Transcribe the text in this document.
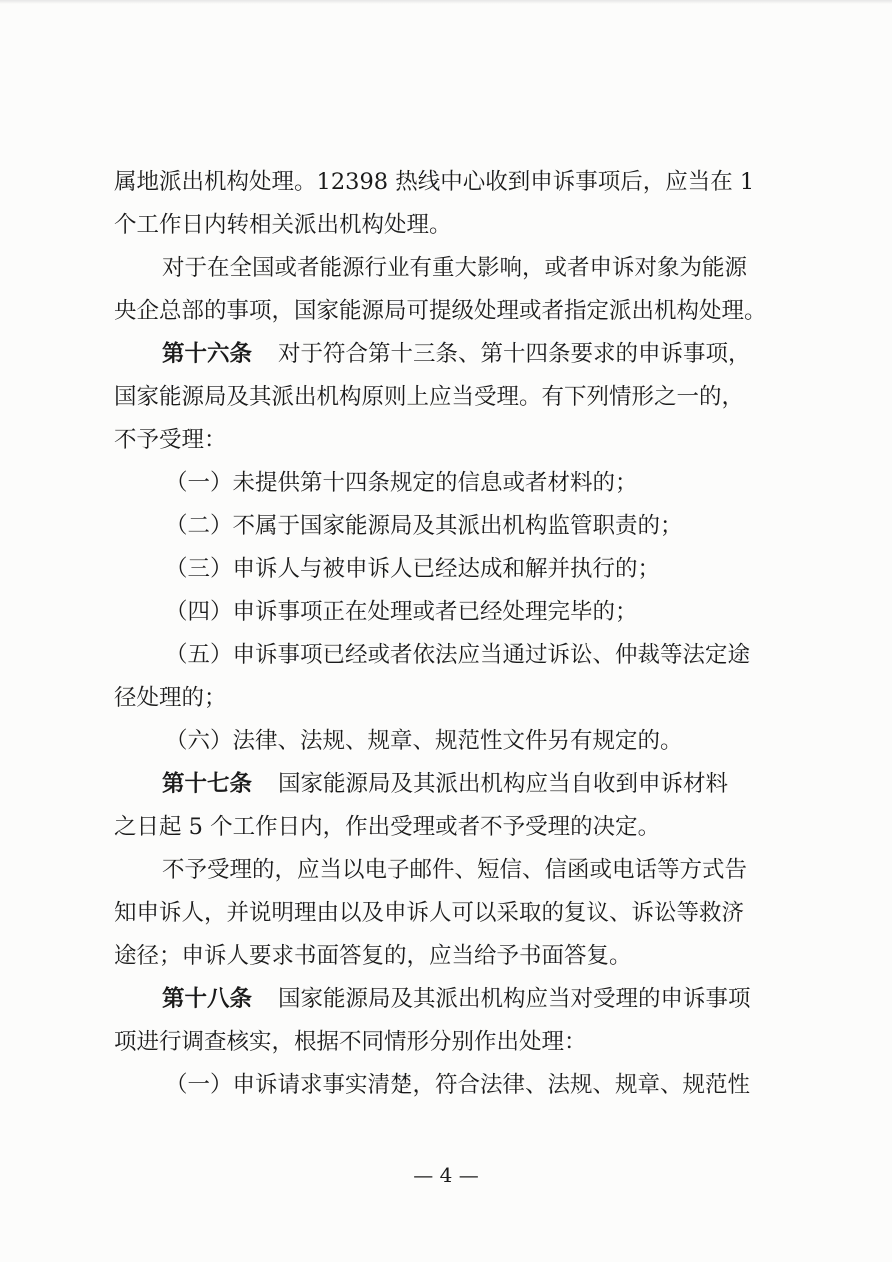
属地派出机构处理。12398 热线中心收到申诉事项后，应当在 1
个工作日内转相关派出机构处理。
对于在全国或者能源行业有重大影响，或者申诉对象为能源
央企总部的事项，国家能源局可提级处理或者指定派出机构处理。
第十六条 对于符合第十三条、第十四条要求的申诉事项，
国家能源局及其派出机构原则上应当受理。有下列情形之一的，
不予受理：
（一）未提供第十四条规定的信息或者材料的；
（二）不属于国家能源局及其派出机构监管职责的；
（三）申诉人与被申诉人已经达成和解并执行的；
（四）申诉事项正在处理或者已经处理完毕的；
（五）申诉事项已经或者依法应当通过诉讼、仲裁等法定途
径处理的；
（六）法律、法规、规章、规范性文件另有规定的。
第十七条 国家能源局及其派出机构应当自收到申诉材料
之日起 5 个工作日内，作出受理或者不予受理的决定。
不予受理的，应当以电子邮件、短信、信函或电话等方式告
知申诉人，并说明理由以及申诉人可以采取的复议、诉讼等救济
途径；申诉人要求书面答复的，应当给予书面答复。
第十八条 国家能源局及其派出机构应当对受理的申诉事项
项进行调查核实，根据不同情形分别作出处理：
（一）申诉请求事实清楚，符合法律、法规、规章、规范性
— 4 —
